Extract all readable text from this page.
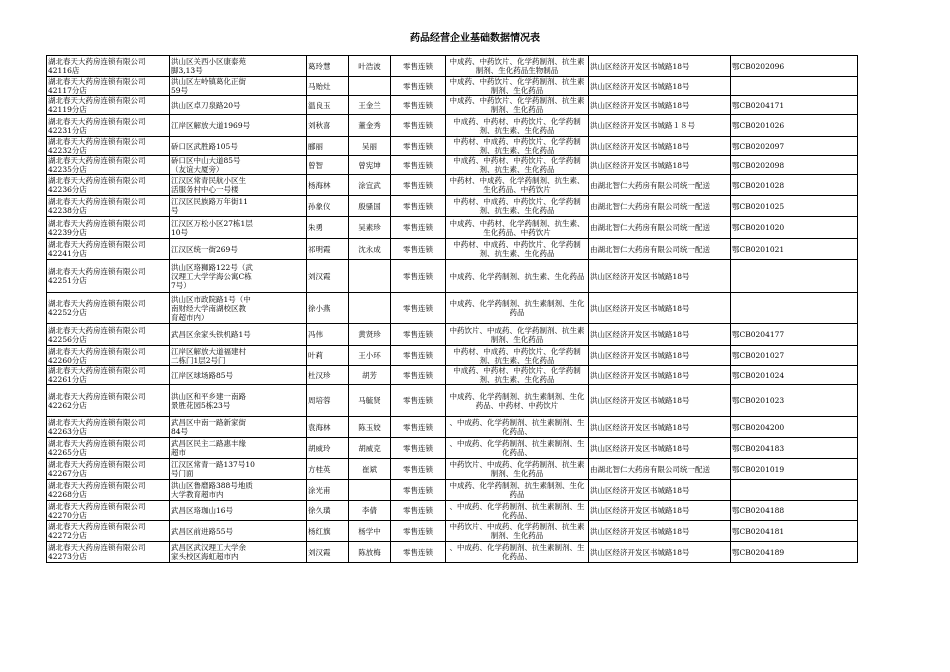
药品经营企业基础数据情况表
湖北春天大药房连锁有限公司
42116店	洪山区关西小区康泰苑
脚3,13号	葛玲慧	叶浩波	零售连锁	中成药、中药饮片、化学药制剂、抗生素制剂、生化药品生物制品	洪山区经济开发区书城路18号	鄂CB0202096
湖北春天大药房连锁有限公司
42117分店	洪山区左岭镇葛化正街
59号	马贻灶		零售连锁	中成药、中药饮片、化学药制剂、抗生素制剂、生化药品	洪山区经济开发区书城路18号	
湖北春天大药房连锁有限公司
42119分店	洪山区卓刀泉路20号	温良玉	王金兰	零售连锁	中成药、中药饮片、化学药制剂、抗生素制剂、生化药品	洪山区经济开发区书城路18号	鄂CB0204171
湖北春天大药房连锁有限公司
42231分店	江岸区解放大道1969号	刘秋喜	董金秀	零售连锁	中成药、中药材、中药饮片、化学药制剂、抗生素、生化药品	洪山区经济开发区书城路１８号	鄂CB0201026
湖北春天大药房连锁有限公司
42232分店	硚口区武胜路105号	郦丽	吴丽	零售连锁	中药材、中成药、中药饮片、化学药制剂、抗生素、生化药品	洪山区经济开发区书城路18号	鄂CB0202097
湖北春天大药房连锁有限公司
42235分店	硚口区中山大道85号
（友谊大厦旁）	曾智	曾宪坤	零售连锁	中成药、中药材、中药饮片、化学药制剂、抗生素、生化药品	洪山区经济开发区书城路18号	鄂CB0202098
湖北春天大药房连锁有限公司
42236分店	江汉区常青民航小区生
活服务村中心一号楼	杨海林	涂宜武	零售连锁	中药材、中成药、化学药制剂、抗生素、生化药品、中药饮片	由湖北智仁大药房有限公司统一配送	鄂CB0201028
湖北春天大药房连锁有限公司
42238分店	江汉区民族路万年街11
号	孙象仪	殷骚国	零售连锁	中药材、中成药、中药饮片、化学药制剂、抗生素、生化药品	由湖北智仁大药房有限公司统一配送	鄂CB0201025
湖北春天大药房连锁有限公司
42239分店	江汉区万松小区27栋1层
10号	朱勇	吴素珍	零售连锁	中成药、中药材、化学药制剂、抗生素、生化药品、中药饮片	由湖北智仁大药房有限公司统一配送	鄂CB0201020
湖北春天大药房连锁有限公司
42241分店	江汉区统一街269号	祁明霞	沈永成	零售连锁	中药材、中成药、中药饮片、化学药制剂、抗生素、生化药品	由湖北智仁大药房有限公司统一配送	鄂CB0201021
湖北春天大药房连锁有限公司
42251分店	洪山区珞狮路122号（武
汉理工大学学海公寓C栋
7号）	刘汉霞		零售连锁	中成药、化学药制剂、抗生素、生化药品	洪山区经济开发区书城路18号	
湖北春天大药房连锁有限公司
42252分店	洪山区市政院路1号（中
南财经大学南湖校区教
育超市内）	徐小燕		零售连锁	中成药、化学药制剂、抗生素制剂、生化药品	洪山区经济开发区书城路18号	
湖北春天大药房连锁有限公司
42256分店	武昌区余家头铁机路1号	冯伟	黄贤珍	零售连锁	中药饮片、中成药、化学药制剂、抗生素制剂、生化药品	洪山区经济开发区书城路18号	鄂CB0204177
湖北春天大药房连锁有限公司
42260分店	江岸区解放大道福建村
二栋门1层2号门	叶莉	王小环	零售连锁	中药材、中成药、中药饮片、化学药制剂、抗生素、生化药品	洪山区经济开发区书城路18号	鄂CB0201027
湖北春天大药房连锁有限公司
42261分店	江岸区球场路85号	杜汉珍	胡芳	零售连锁	中成药、中药材、中药饮片、化学药制剂、抗生素、生化药品	洪山区经济开发区书城路18号	鄂CB0201024
湖北春天大药房连锁有限公司
42262分店	洪山区和平乡建一南路
景胜花园5栋23号	周培蓉	马毓贤	零售连锁	中成药、化学药制剂、抗生素制剂、生化药品、中药材、中药饮片	洪山区经济开发区书城路18号	鄂CB0201023
湖北春天大药房连锁有限公司
42263分店	武昌区中南一路新家街
84号	袁海林	陈玉姣	零售连锁	、中成药、化学药制剂、抗生素制剂、生化药品、	洪山区经济开发区书城路18号	鄂CB0204200
湖北春天大药房连锁有限公司
42265分店	武昌区民主二路惠丰缘
超市	胡威玲	胡威克	零售连锁	、中成药、化学药制剂、抗生素制剂、生化药品、	洪山区经济开发区书城路18号	鄂CB0204183
湖北春天大药房连锁有限公司
42267分店	江汉区常青一路137号10
号门面	方桂英	崔斌	零售连锁	中药饮片、中成药、化学药制剂、抗生素制剂、生化药品	由湖北智仁大药房有限公司统一配送	鄂CB0201019
湖北春天大药房连锁有限公司
42268分店	洪山区鲁磨路388号地质
大学教育超市内	涂光甫		零售连锁	中成药、化学药制剂、抗生素制剂、生化药品	洪山区经济开发区书城路18号	
湖北春天大药房连锁有限公司
42270分店	武昌区珞珈山16号	徐久璜	李倩	零售连锁	、中成药、化学药制剂、抗生素制剂、生化药品、	洪山区经济开发区书城路18号	鄂CB0204188
湖北春天大药房连锁有限公司
42272分店	武昌区前进路55号	杨红旗	杨学中	零售连锁	中药饮片、中成药、化学药制剂、抗生素制剂、生化药品	洪山区经济开发区书城路18号	鄂CB0204181
湖北春天大药房连锁有限公司
42273分店	武昌区武汉理工大学余
家头校区海虹超市内	刘汉霞	陈放梅	零售连锁	、中成药、化学药制剂、抗生素制剂、生化药品、	洪山区经济开发区书城路18号	鄂CB0204189
